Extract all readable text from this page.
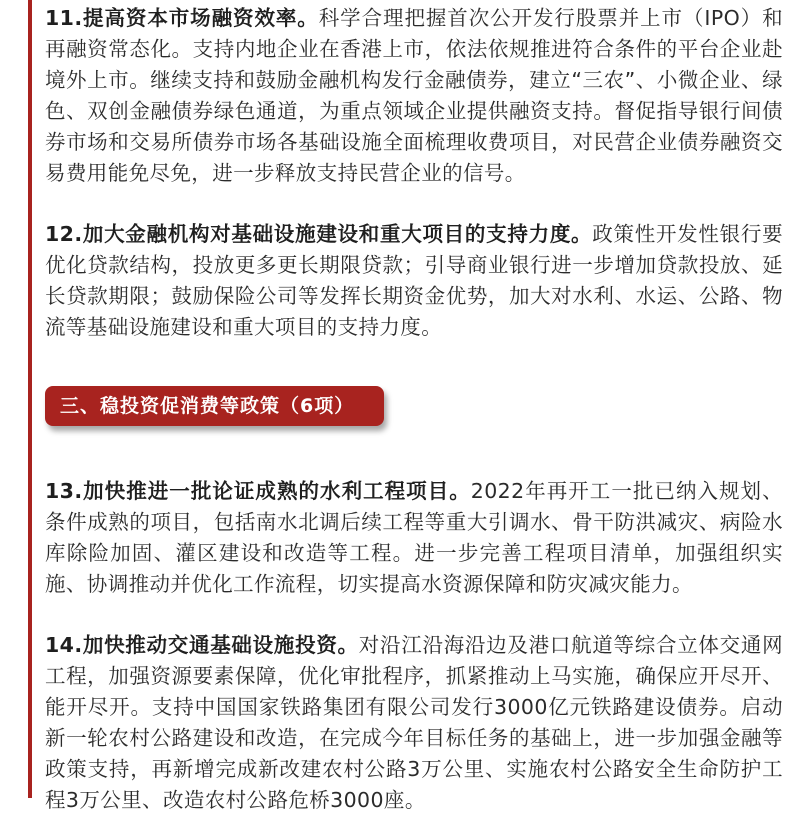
11.提高资本市场融资效率。科学合理把握首次公开发行股票并上市（IPO）和再融资常态化。支持内地企业在香港上市，依法依规推进符合条件的平台企业赴境外上市。继续支持和鼓励金融机构发行金融债券，建立“三农”、小微企业、绿色、双创金融债券绿色通道，为重点领域企业提供融资支持。督促指导银行间债券市场和交易所债券市场各基础设施全面梳理收费项目，对民营企业债券融资交易费用能免尽免，进一步释放支持民营企业的信号。

12.加大金融机构对基础设施建设和重大项目的支持力度。政策性开发性银行要优化贷款结构，投放更多更长期限贷款；引导商业银行进一步增加贷款投放、延长贷款期限；鼓励保险公司等发挥长期资金优势，加大对水利、水运、公路、物流等基础设施建设和重大项目的支持力度。

三、稳投资促消费等政策（6项）

13.加快推进一批论证成熟的水利工程项目。2022年再开工一批已纳入规划、条件成熟的项目，包括南水北调后续工程等重大引调水、骨干防洪减灾、病险水库除险加固、灌区建设和改造等工程。进一步完善工程项目清单，加强组织实施、协调推动并优化工作流程，切实提高水资源保障和防灾减灾能力。

14.加快推动交通基础设施投资。对沿江沿海沿边及港口航道等综合立体交通网工程，加强资源要素保障，优化审批程序，抓紧推动上马实施，确保应开尽开、能开尽开。支持中国国家铁路集团有限公司发行3000亿元铁路建设债券。启动新一轮农村公路建设和改造，在完成今年目标任务的基础上，进一步加强金融等政策支持，再新增完成新改建农村公路3万公里、实施农村公路安全生命防护工程3万公里、改造农村公路危桥3000座。
